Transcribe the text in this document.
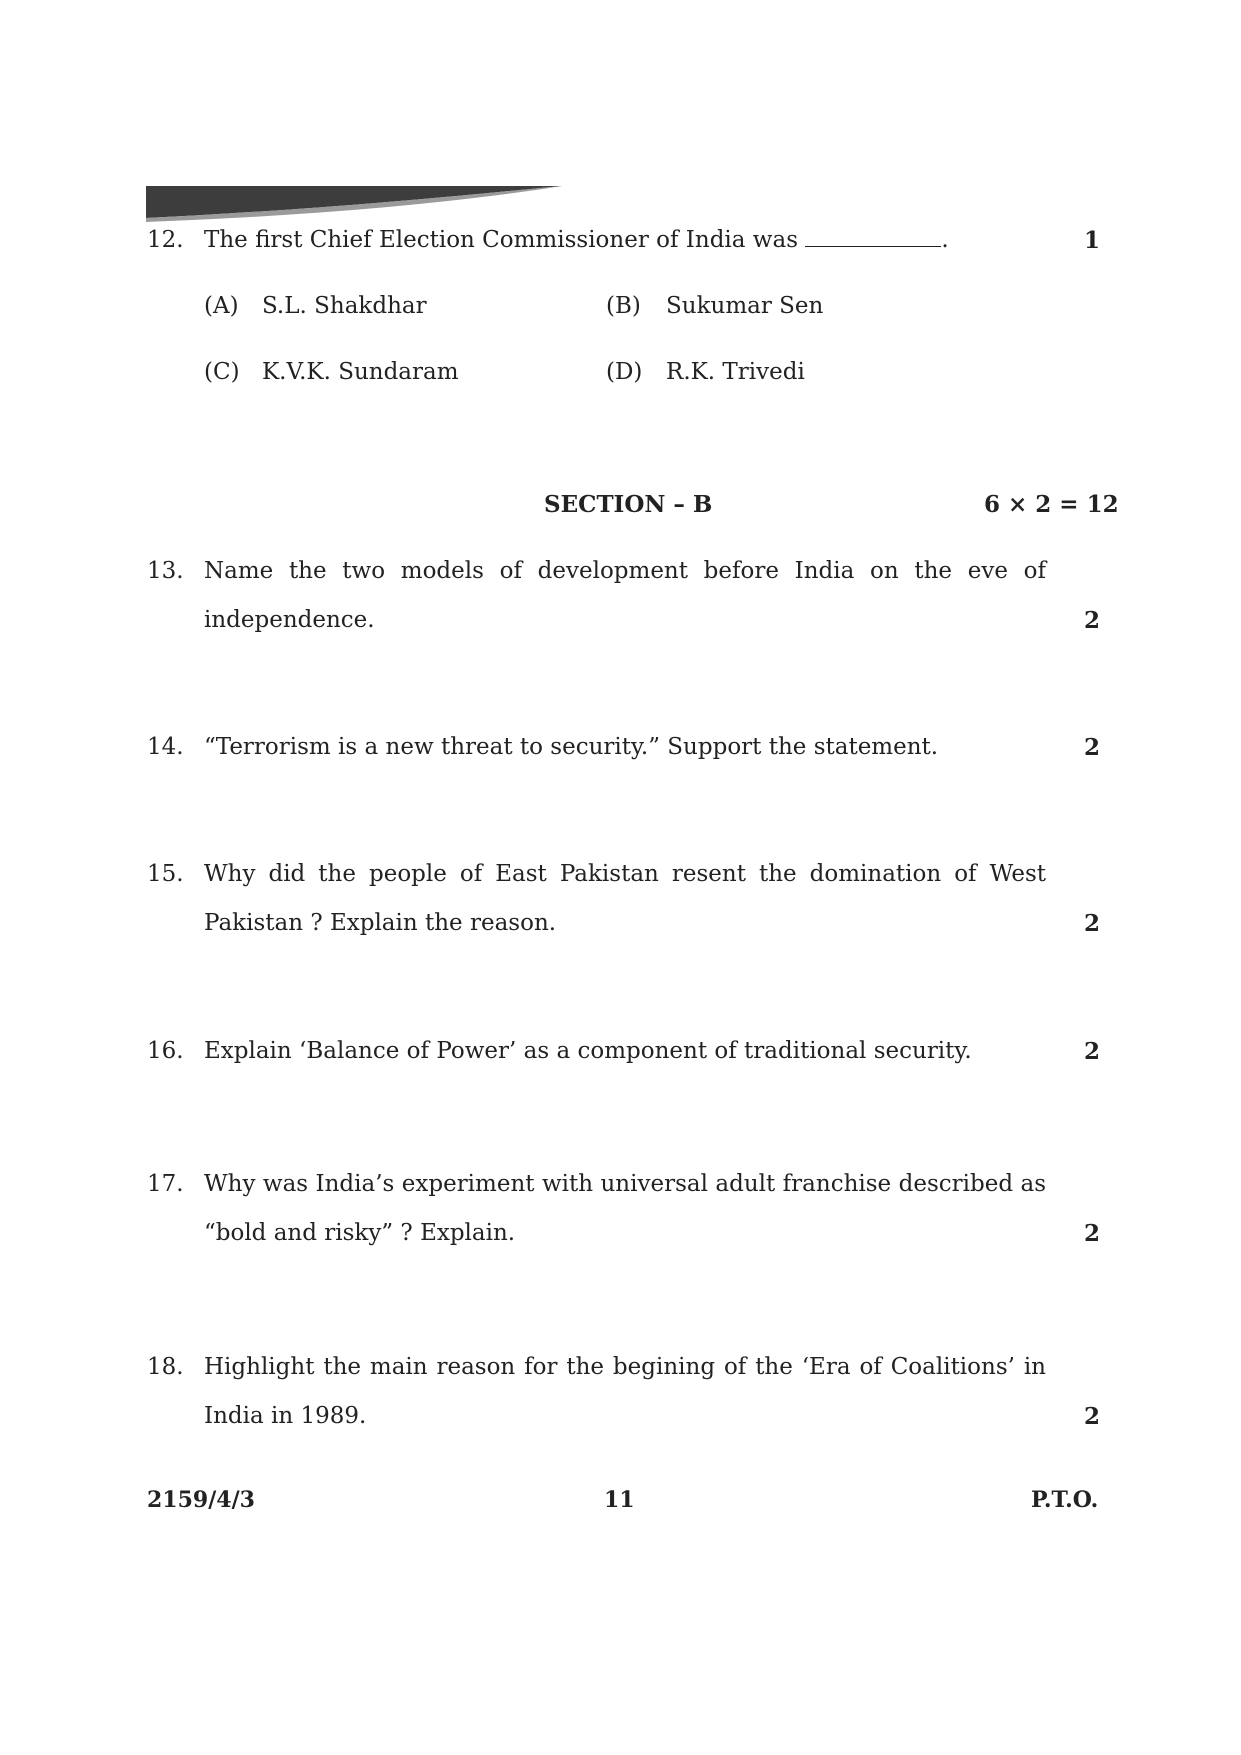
12. The first Chief Election Commissioner of India was	.	1
(A) S.L. Shakdhar	(B) Sukumar Sen
(C) K.V.K. Sundaram	(D) R.K. Trivedi
SECTION – B	6 × 2 = 12
13. Name the two models of development before India on the eve of
independence.	2
14. “Terrorism is a new threat to security.” Support the statement.	2
15. Why did the people of East Pakistan resent the domination of West
Pakistan ? Explain the reason.	2
16. Explain ‘Balance of Power’ as a component of traditional security.	2
17. Why was India’s experiment with universal adult franchise described as
“bold and risky” ? Explain.	2
18. Highlight the main reason for the begining of the ‘Era of Coalitions’ in
India in 1989.	2
2159/4/3	11	P.T.O.
